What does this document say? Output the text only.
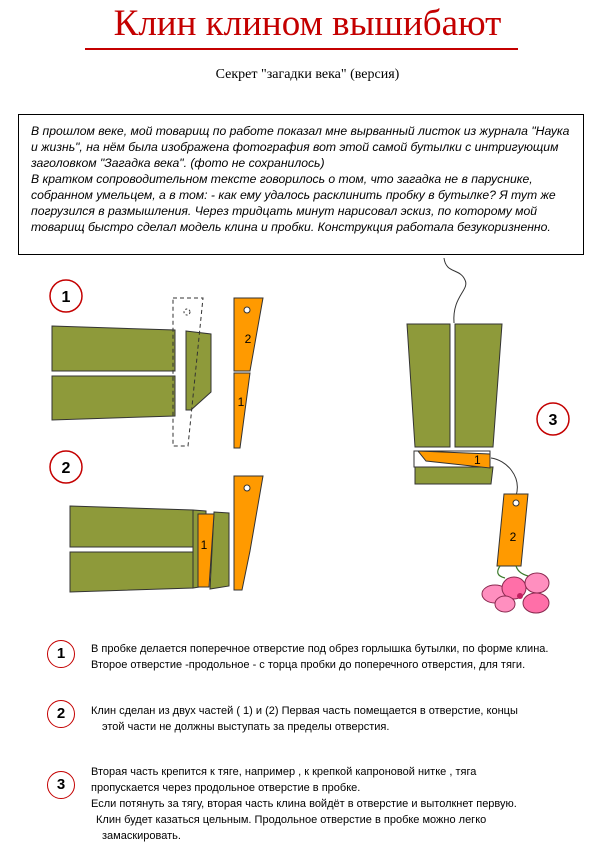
Клин клином вышибают
Секрет "загадки века" (версия)

В прошлом веке, мой товарищ по работе показал мне вырванный листок из журнала "Наука и жизнь", на нём была изображена фотография вот этой самой бутылки с интригующим заголовком "Загадка века". (фото не сохранилось)

В кратком сопроводительном тексте говорилось о том, что загадка не в паруснике, собранном умельцем, а в том: - как ему удалось расклинить пробку в бутылке? Я тут же погрузился в размышления. Через тридцать минут нарисовал эскиз, по которому мой товарищ быстро сделал модель клина и пробки. Конструкция работала безукоризненно.

1
2
1
2
1
1
3
2
1	В пробке делается поперечное отверстие под обрез горлышка бутылки, по форме клина.
Второе отверстие -продольное - с торца пробки до поперечного отверстия, для тяги.
2	Клин сделан из двух частей ( 1) и (2) Первая часть помещается в отверстие, концы
этой части не должны выступать за пределы отверстия.
3
Вторая часть крепится к тяге, например , к крепкой капроновой нитке , тяга
пропускается через продольное отверстие в пробке.
Если потянуть за тягу, вторая часть клина войдёт в отверстие и вытолкнет первую.
Клин будет казаться цельным. Продольное отверстие в пробке можно легко
замаскировать.
